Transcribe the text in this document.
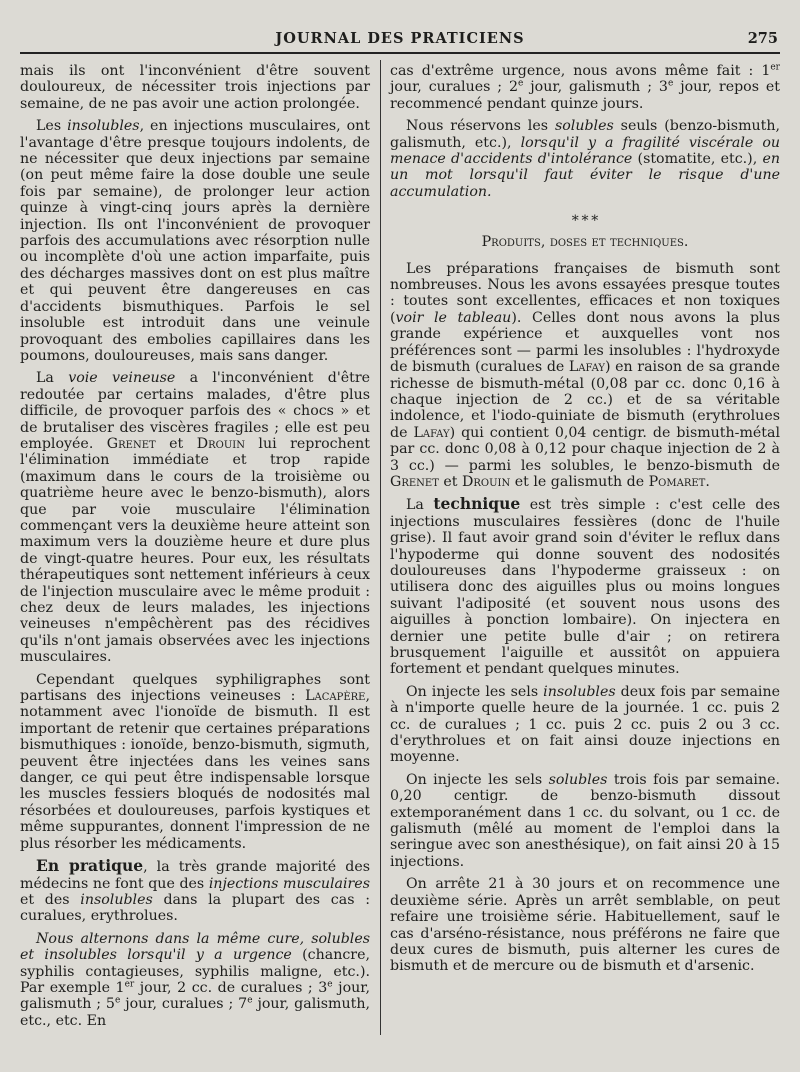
JOURNAL DES PRATICIENS	275

mais ils ont l'inconvénient d'être souvent douloureux, de nécessiter trois injections par semaine, de ne pas avoir une action prolongée.

Les insolubles, en injections musculaires, ont l'avantage d'être presque toujours indolents, de ne nécessiter que deux injections par semaine (on peut même faire la dose double une seule fois par semaine), de prolonger leur action quinze à vingt-cinq jours après la dernière injection. Ils ont l'inconvénient de provoquer parfois des accumulations avec résorption nulle ou incomplète d'où une action imparfaite, puis des décharges massives dont on est plus maître et qui peuvent être dangereuses en cas d'accidents bismuthiques. Parfois le sel insoluble est introduit dans une veinule provoquant des embolies capillaires dans les poumons, douloureuses, mais sans danger.

La voie veineuse a l'inconvénient d'être redoutée par certains malades, d'être plus difficile, de provoquer parfois des « chocs » et de brutaliser des viscères fragiles ; elle est peu employée. Grenet et Drouin lui reprochent l'élimination immédiate et trop rapide (maximum dans le cours de la troisième ou quatrième heure avec le benzo-bismuth), alors que par voie musculaire l'élimination commençant vers la deuxième heure atteint son maximum vers la douzième heure et dure plus de vingt-quatre heures. Pour eux, les résultats thérapeutiques sont nettement inférieurs à ceux de l'injection musculaire avec le même produit : chez deux de leurs malades, les injections veineuses n'empêchèrent pas des récidives qu'ils n'ont jamais observées avec les injections musculaires.

Cependant quelques syphiligraphes sont partisans des injections veineuses : Lacapère, notamment avec l'ionoïde de bismuth. Il est important de retenir que certaines préparations bismuthiques : ionoïde, benzo-bismuth, sigmuth, peuvent être injectées dans les veines sans danger, ce qui peut être indispensable lorsque les muscles fessiers bloqués de nodosités mal résorbées et douloureuses, parfois kystiques et même suppurantes, donnent l'impression de ne plus résorber les médicaments.

En pratique, la très grande majorité des médecins ne font que des injections musculaires et des insolubles dans la plupart des cas : curalues, erythrolues.

Nous alternons dans la même cure, solubles et insolubles lorsqu'il y a urgence (chancre, syphilis contagieuses, syphilis maligne, etc.). Par exemple 1er jour, 2 cc. de curalues ; 3e jour, galismuth ; 5e jour, curalues ; 7e jour, galismuth, etc., etc. En

cas d'extrême urgence, nous avons même fait : 1er jour, curalues ; 2e jour, galismuth ; 3e jour, repos et recommencé pendant quinze jours.

Nous réservons les solubles seuls (benzo-bismuth, galismuth, etc.), lorsqu'il y a fragilité viscérale ou menace d'accidents d'intolérance (stomatite, etc.), en un mot lorsqu'il faut éviter le risque d'une accumulation.

* * *
Produits, doses et techniques.

Les préparations françaises de bismuth sont nombreuses. Nous les avons essayées presque toutes : toutes sont excellentes, efficaces et non toxiques (voir le tableau). Celles dont nous avons la plus grande expérience et auxquelles vont nos préférences sont — parmi les insolubles : l'hydroxyde de bismuth (curalues de Lafay) en raison de sa grande richesse de bismuth-métal (0,08 par cc. donc 0,16 à chaque injection de 2 cc.) et de sa véritable indolence, et l'iodo-quiniate de bismuth (erythrolues de Lafay) qui contient 0,04 centigr. de bismuth-métal par cc. donc 0,08 à 0,12 pour chaque injection de 2 à 3 cc.) — parmi les solubles, le benzo-bismuth de Grenet et Drouin et le galismuth de Pomaret.

La technique est très simple : c'est celle des injections musculaires fessières (donc de l'huile grise). Il faut avoir grand soin d'éviter le reflux dans l'hypoderme qui donne souvent des nodosités douloureuses dans l'hypoderme graisseux : on utilisera donc des aiguilles plus ou moins longues suivant l'adiposité (et souvent nous usons des aiguilles à ponction lombaire). On injectera en dernier une petite bulle d'air ; on retirera brusquement l'aiguille et aussitôt on appuiera fortement et pendant quelques minutes.

On injecte les sels insolubles deux fois par semaine à n'importe quelle heure de la journée. 1 cc. puis 2 cc. de curalues ; 1 cc. puis 2 cc. puis 2 ou 3 cc. d'erythrolues et on fait ainsi douze injections en moyenne.

On injecte les sels solubles trois fois par semaine. 0,20 centigr. de benzo-bismuth dissout extemporanément dans 1 cc. du solvant, ou 1 cc. de galismuth (mêlé au moment de l'emploi dans la seringue avec son anesthésique), on fait ainsi 20 à 15 injections.

On arrête 21 à 30 jours et on recommence une deuxième série. Après un arrêt semblable, on peut refaire une troisième série. Habituellement, sauf le cas d'arséno-résistance, nous préférons ne faire que deux cures de bismuth, puis alterner les cures de bismuth et de mercure ou de bismuth et d'arsenic.
